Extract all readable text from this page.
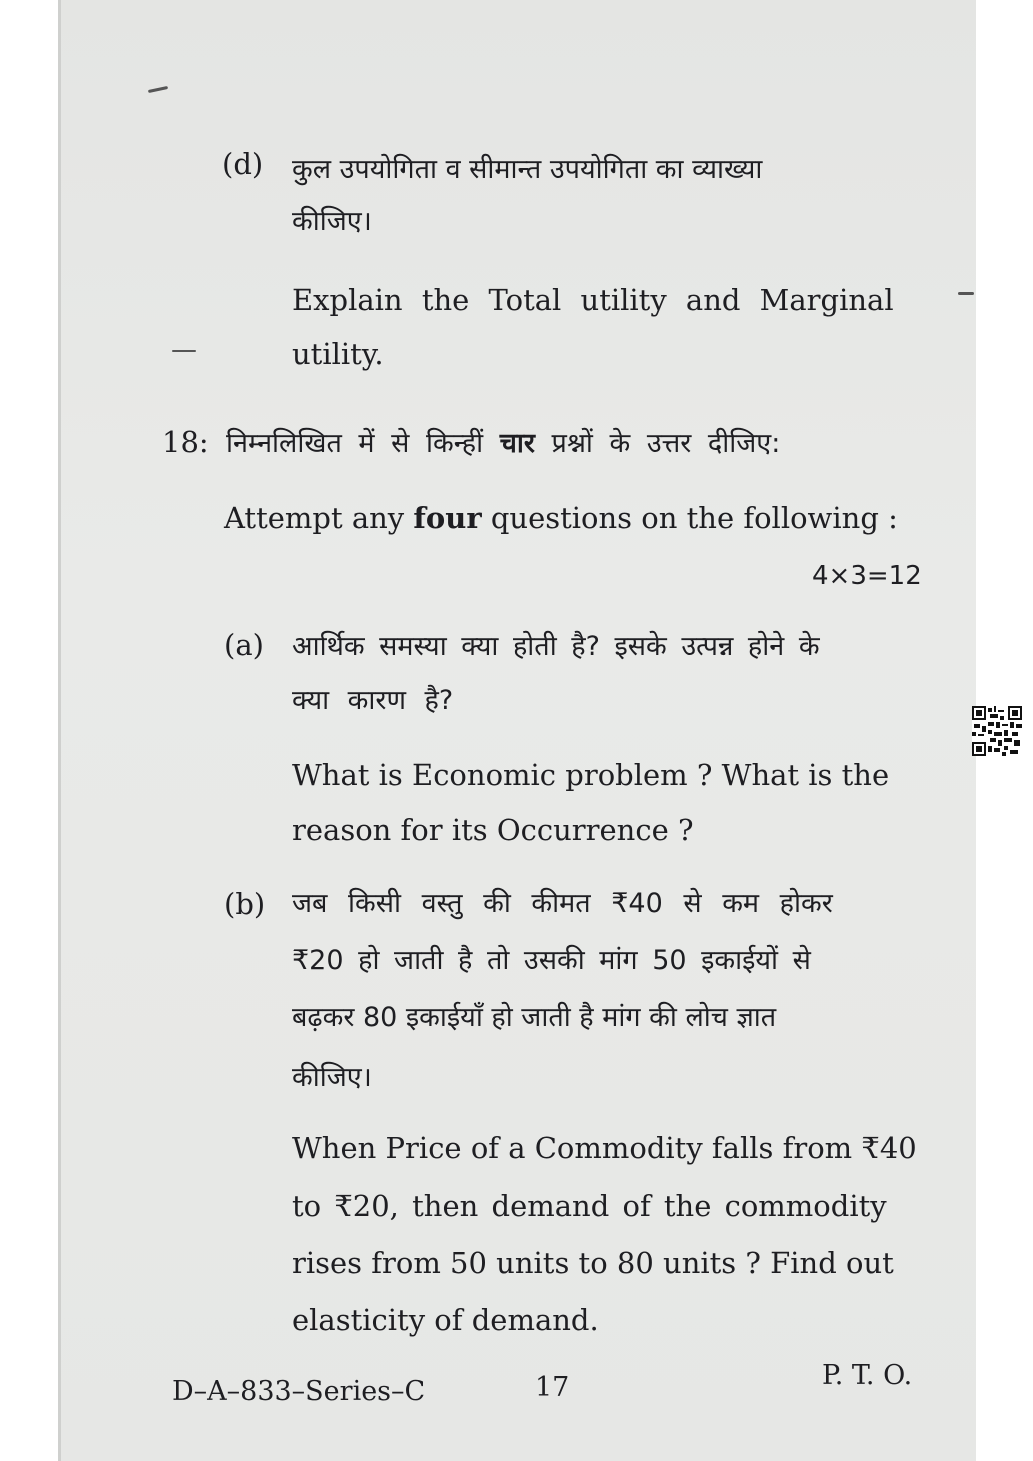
(d) कुल उपयोगिता व सीमान्त उपयोगिता का व्याख्या
कीजिए।
Explain the Total utility and Marginal
utility.
18: निम्नलिखित में से किन्हीं चार प्रश्नों के उत्तर दीजिए:
Attempt any four questions on the following :
4×3=12
(a) आर्थिक समस्या क्या होती है? इसके उत्पन्न होने के
क्या कारण है?
What is Economic problem ? What is the
reason for its Occurrence ?
(b) जब किसी वस्तु की कीमत ₹40 से कम होकर
₹20 हो जाती है तो उसकी मांग 50 इकाईयों से
बढ़कर 80 इकाईयाँ हो जाती है मांग की लोच ज्ञात
कीजिए।
When Price of a Commodity falls from ₹40
to ₹20, then demand of the commodity
rises from 50 units to 80 units ? Find out
elasticity of demand.
D–A–833–Series–C	17	P. T. O.
